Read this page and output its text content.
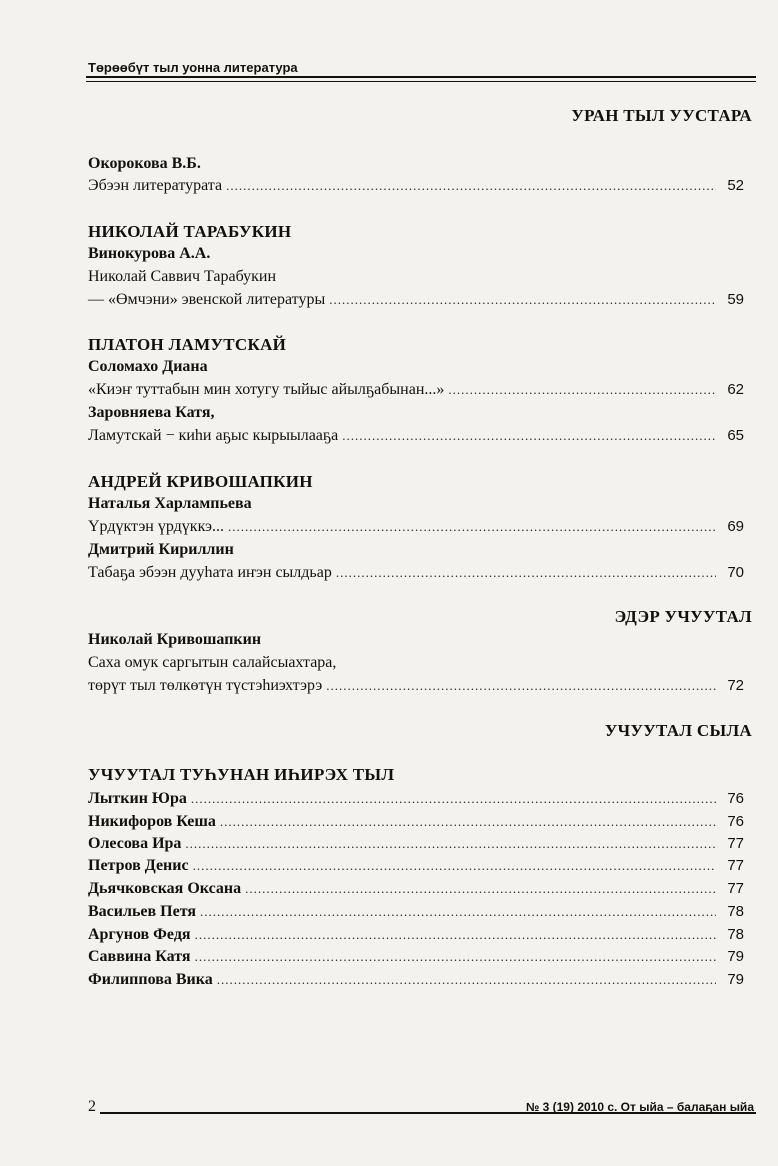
Төрөөбүт тыл уонна литература
УРАН ТЫЛ УУСТАРА
Окорокова В.Б.
Эбээн литературата .....	52
НИКОЛАЙ ТАРАБУКИН
Винокурова А.А.
Николай Саввич Тарабукин
— «Өмчэни» эвенской литературы .....	59
ПЛАТОН ЛАМУТСКАЙ
Соломахо Диана
«Киэҥ туттабын мин хотугу тыйыс айылҕабынан...» .....	62
Заровняева Катя,
Ламутскай − киһи аҕыс кырыылааҕа .....	65
АНДРЕЙ КРИВОШАПКИН
Наталья Харлампьева
Үрдүктэн үрдүккэ... .....	69
Дмитрий Кириллин
Табаҕа эбээн дууһата иҥэн сылдьар .....	70
ЭДЭР УЧУУТАЛ
Николай Кривошапкин
Саха омук саргытын салайсыахтара,
төрүт тыл төлкөтүн түстэһиэхтэрэ .....	72
УЧУУТАЛ СЫЛА
УЧУУТАЛ ТУҺУНАН ИҺИРЭХ ТЫЛ
Лыткин Юра .....	76
Никифоров Кеша .....	76
Олесова Ира .....	77
Петров Денис .....	77
Дьячковская Оксана .....	77
Васильев Петя .....	78
Аргунов Федя .....	78
Саввина Катя .....	79
Филиппова Вика .....	79
2	№ 3 (19) 2010 с. От ыйа – балаҕан ыйа
